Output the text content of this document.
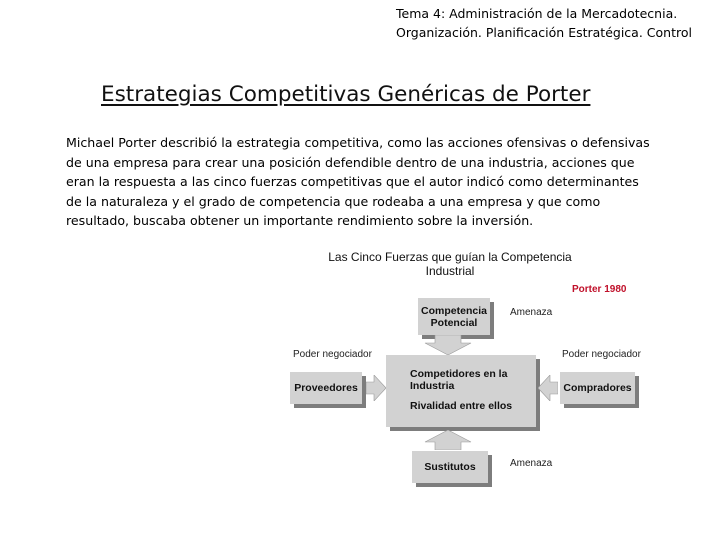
Tema 4: Administración de la Mercadotecnia.
Organización. Planificación Estratégica. Control
Estrategias Competitivas Genéricas de Porter
Michael Porter describió la estrategia competitiva, como las acciones ofensivas o defensivas de una empresa para crear una posición defendible dentro de una industria, acciones que eran la respuesta a las cinco fuerzas competitivas que el autor indicó como determinantes de la naturaleza y el grado de competencia que rodeaba a una empresa y que como resultado, buscaba obtener un importante rendimiento sobre la inversión.
Las Cinco Fuerzas que guían la Competencia Industrial
Porter 1980
Competencia Potencial
Amenaza
Poder negociador	Poder negociador
Competidores en la Industria
Rivalidad entre ellos
Proveedores	Compradores
Sustitutos	Amenaza
